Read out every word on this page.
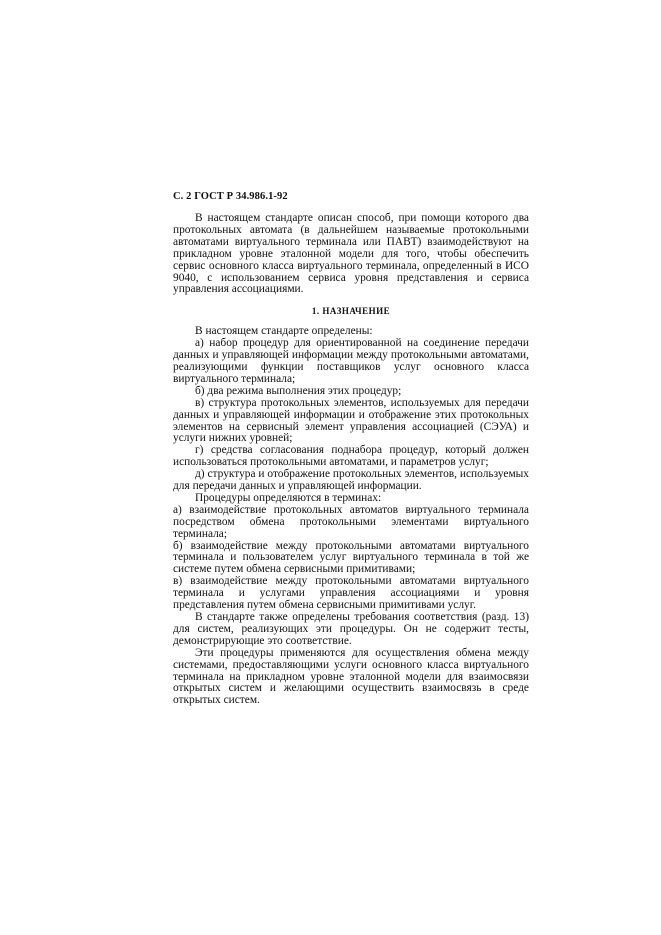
С. 2 ГОСТ Р 34.986.1-92

В настоящем стандарте описан способ, при помощи которого два протокольных автомата (в дальнейшем называемые протокольными автоматами виртуального терминала или ПАВТ) взаимодействуют на прикладном уровне эталонной модели для того, чтобы обеспечить сервис основного класса виртуального терминала, определенный в ИСО 9040, с использованием сервиса уровня представления и сервиса управления ассоциациями.

1. НАЗНАЧЕНИЕ

В настоящем стандарте определены:

а) набор процедур для ориентированной на соединение передачи данных и управляющей информации между протокольными автоматами, реализующими функции поставщиков услуг основного класса виртуального терминала;

б) два режима выполнения этих процедур;

в) структура протокольных элементов, используемых для передачи данных и управляющей информации и отображение этих протокольных элементов на сервисный элемент управления ассоциацией (СЭУА) и услуги нижних уровней;

г) средства согласования поднабора процедур, который должен использоваться протокольными автоматами, и параметров услуг;

д) структура и отображение протокольных элементов, используемых для передачи данных и управляющей информации.

Процедуры определяются в терминах:

а) взаимодействие протокольных автоматов виртуального терминала посредством обмена протокольными элементами виртуального терминала;

б) взаимодействие между протокольными автоматами виртуального терминала и пользователем услуг виртуального терминала в той же системе путем обмена сервисными примитивами;

в) взаимодействие между протокольными автоматами виртуального терминала и услугами управления ассоциациями и уровня представления путем обмена сервисными примитивами услуг.

В стандарте также определены требования соответствия (разд. 13) для систем, реализующих эти процедуры. Он не содержит тесты, демонстрирующие это соответствие.

Эти процедуры применяются для осуществления обмена между системами, предоставляющими услуги основного класса виртуального терминала на прикладном уровне эталонной модели для взаимосвязи открытых систем и желающими осуществить взаимосвязь в среде открытых систем.
